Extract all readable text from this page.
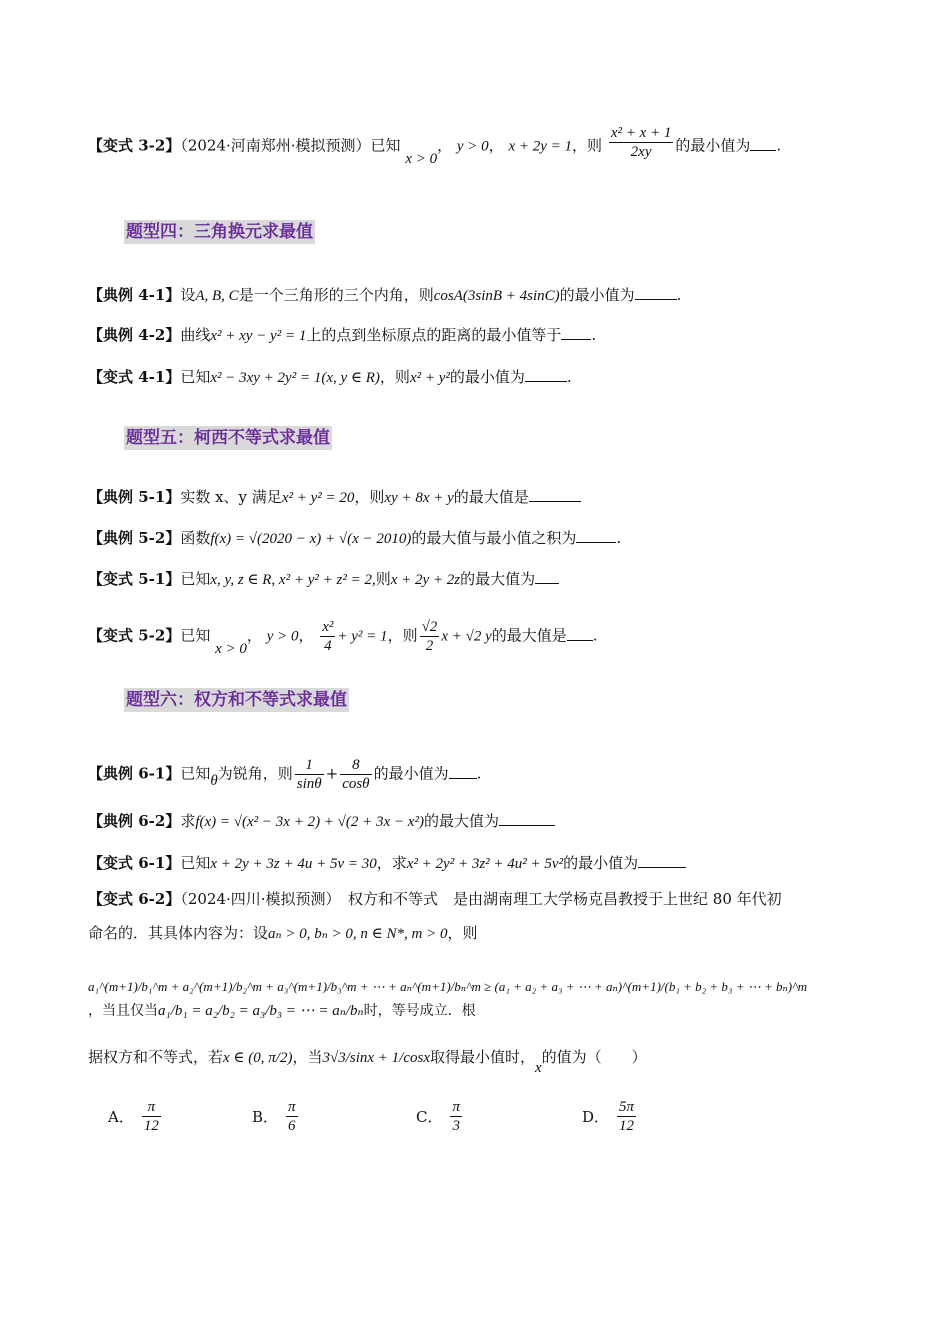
【变式 3-2】（2024·河南郑州·模拟预测）已知 x > 0， y > 0， x + 2y = 1，则 $\frac{\text{x² + x + 1}}{2xy}$ 的最小值为 .
题型四：三角换元求最值
【典例 4-1】设A, B, C是一个三角形的三个内角，则cosA(3sinB + 4sinC)的最小值为	.
【典例 4-2】曲线x² + xy − y² = 1上的点到坐标原点的距离的最小值等于 .
【变式 4-1】已知x² − 3xy + 2y² = 1(x, y ∈ R)，则x² + y²的最小值为	.
题型五：柯西不等式求最值
【典例 5-1】实数 x、y 满足x² + y² = 20，则xy + 8x + y的最大值是
【典例 5-2】函数f(x) = √(2020 − x) + √(x − 2010)的最大值与最小值之积为	.
【变式 5-1】已知x, y, z ∈ R, x² + y² + z² = 2,则x + 2y + 2z的最大值为
【变式 5-2】已知 x > 0， y > 0， $\frac{\text{x²}}{4} + y^2 = 1$，则 $\frac{√2}{2}$ x + √2 y的最大值是 .
题型六：权方和不等式求最值
【典例 6-1】已知θ为锐角，则 $\frac{1}{\sin\theta} + \frac{8}{\cos\theta}$ 的最小值为 .
【典例 6-2】求f(x) = √(x² − 3x + 2) + √(2 + 3x − x²)的最大值为
【变式 6-1】已知x + 2y + 3z + 4u + 5v = 30，求x² + 2y² + 3z² + 4u² + 5v²的最小值为
【变式 6-2】（2024·四川·模拟预测）　权方和不等式　是由湖南理工大学杨克昌教授于上世纪 80 年代初
命名的．其具体内容为：设aₙ > 0, bₙ > 0, n ∈ N*, m > 0，则
a₁^(m+1)/b₁^m + a₂^(m+1)/b₂^m + a₃^(m+1)/b₃^m + ⋯ + aₙ^(m+1)/bₙ^m ≥ (a₁ + a₂ + a₃ + ⋯ + aₙ)^(m+1)/(b₁ + b₂ + b₃ + ⋯ + bₙ)^m
，当且仅当a₁/b₁ = a₂/b₂ = a₃/b₃ = ⋯ = aₙ/bₙ时，等号成立．根
据权方和不等式，若x ∈ (0, π/2)，当3√3/sinx + 1/cosx取得最小值时，x的值为（　　）
A． $\frac{\pi}{12}$	B． $\frac{\pi}{6}$	C． $\frac{\pi}{3}$	D． $\frac{5\pi}{12}$
